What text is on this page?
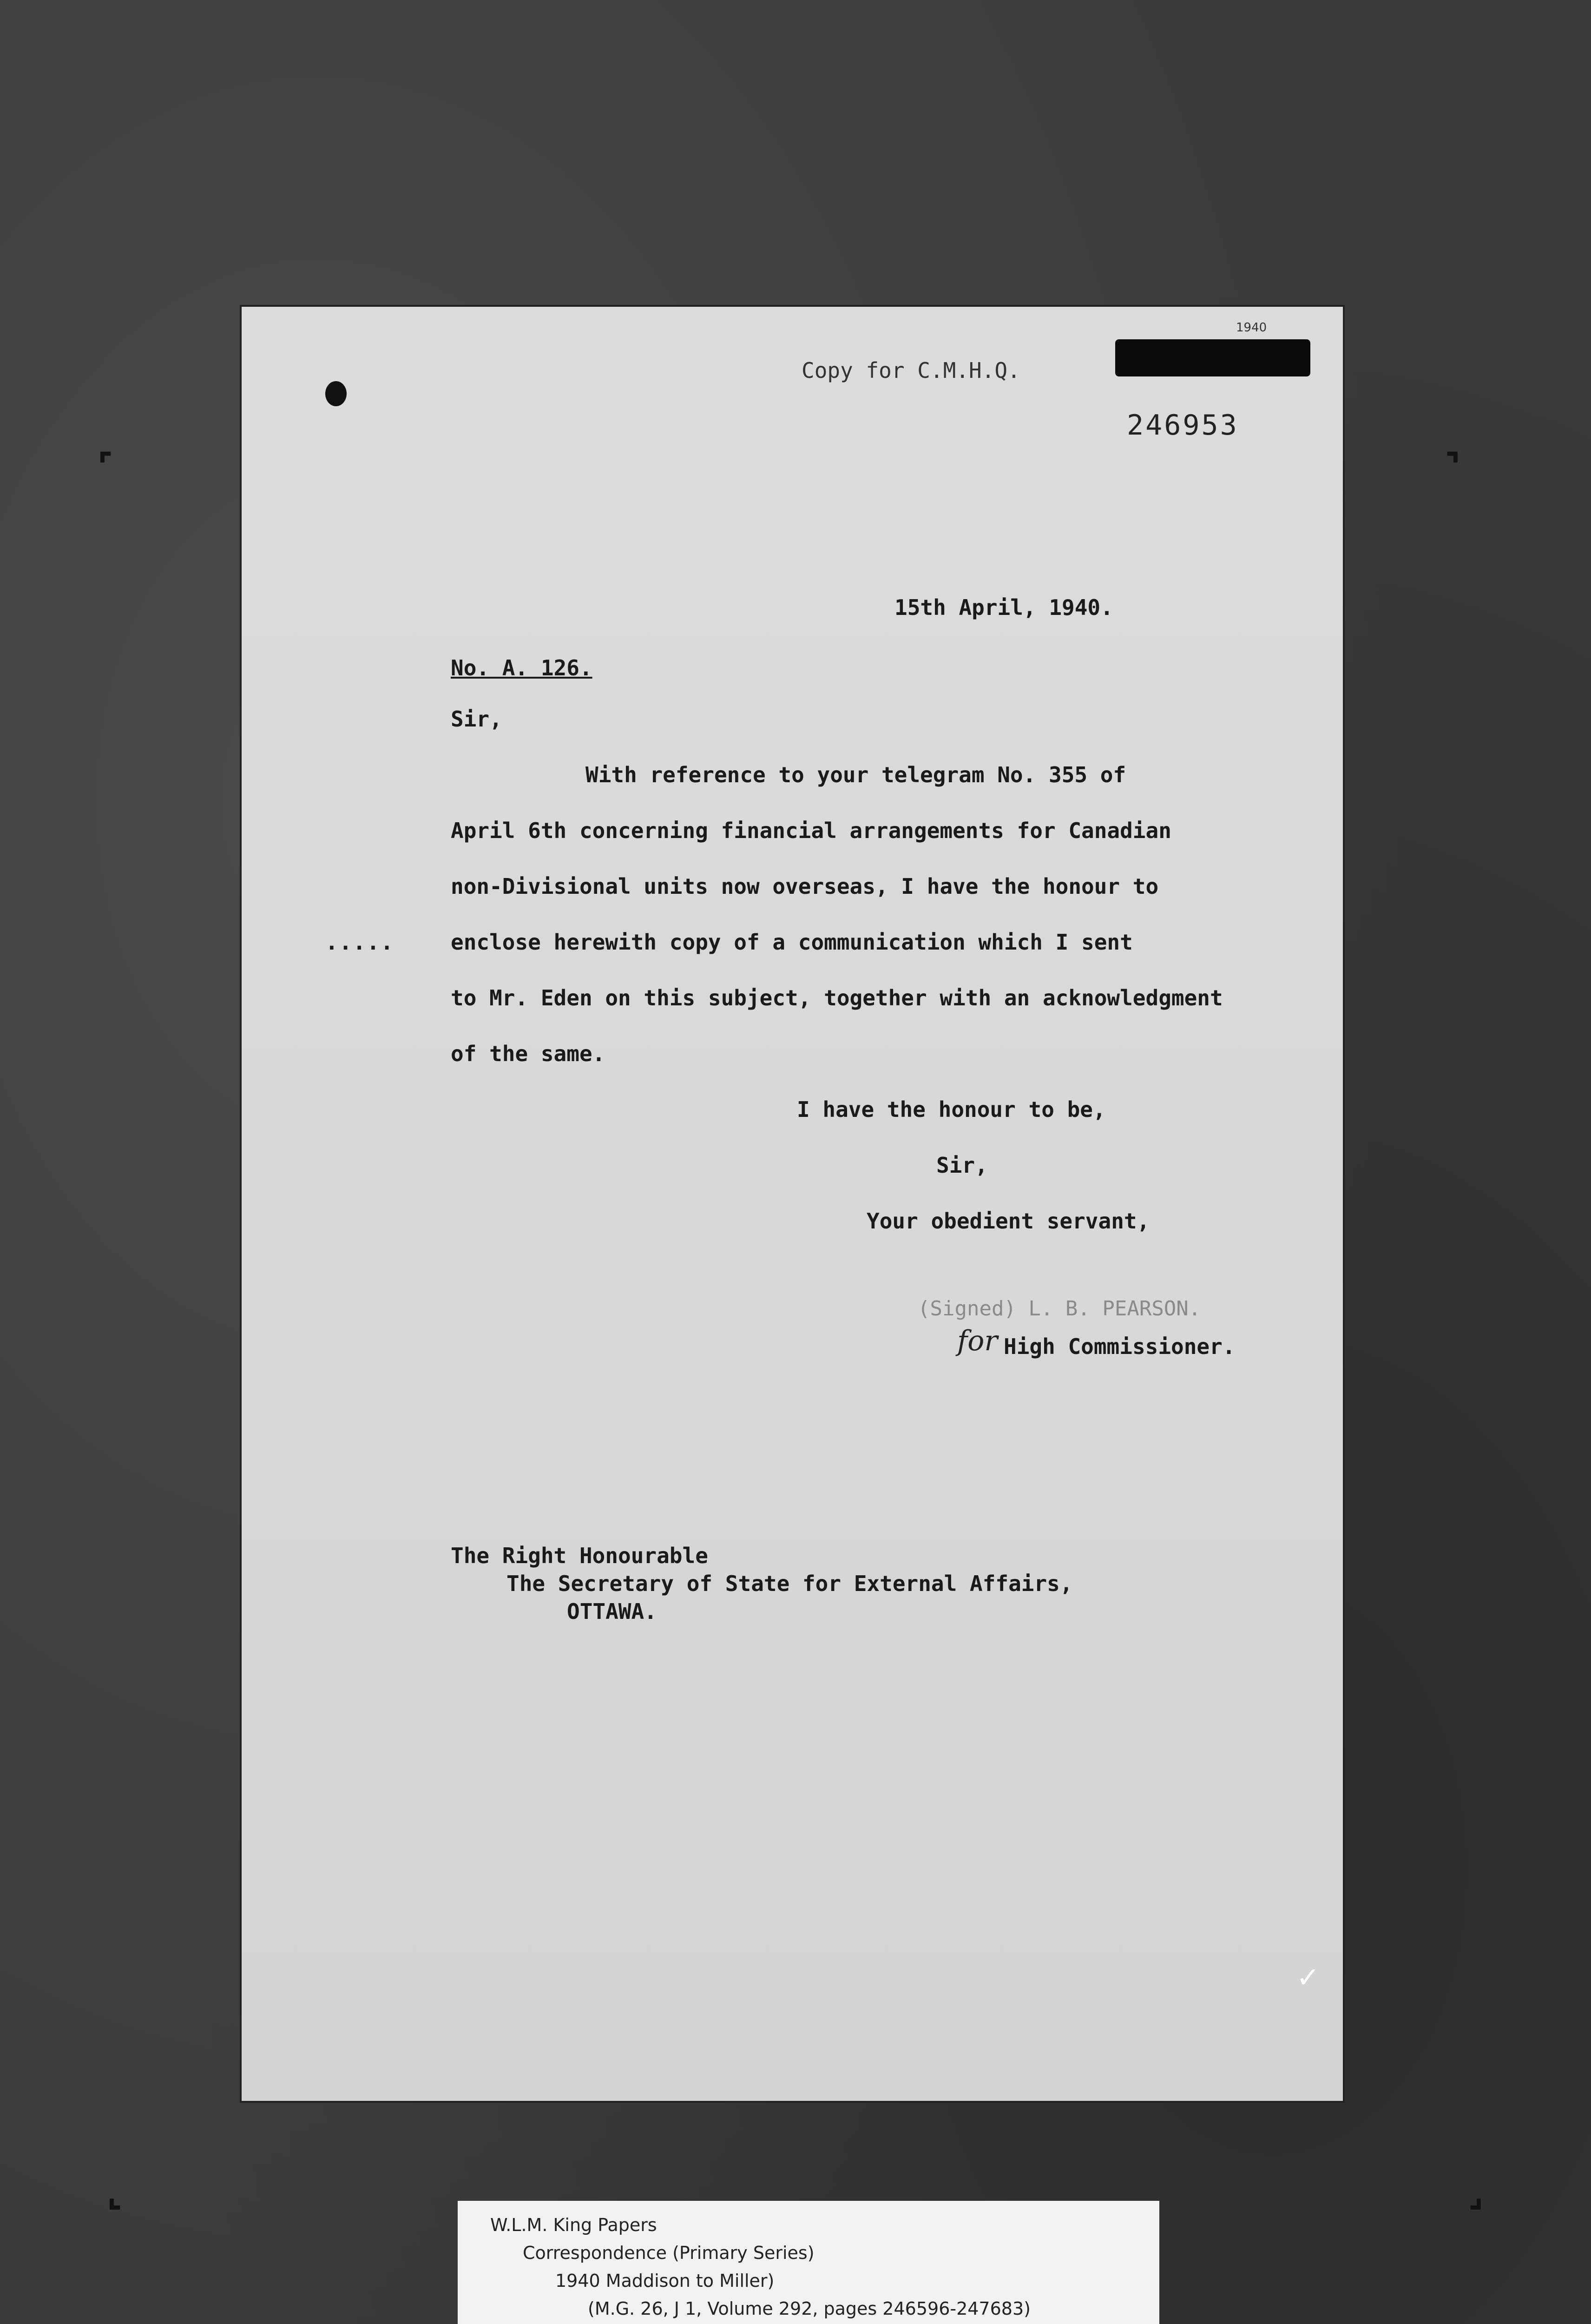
⌜	⌝
⌞	⌟
Copy for C.M.H.Q.
1940
246953
15th April, 1940.
No. A. 126.
Sir,
With reference to your telegram No. 355 of
April 6th concerning financial arrangements for Canadian
non-Divisional units now overseas, I have the honour to
enclose herewith copy of a communication which I sent
to Mr. Eden on this subject, together with an acknowledgment
of the same.
.....
I have the honour to be,
Sir,
Your obedient servant,
(Signed) L. B. PEARSON.
for High Commissioner.
The Right Honourable
The Secretary of State for External Affairs,
OTTAWA.
✓
W.L.M. King Papers
Correspondence (Primary Series)
1940 Maddison to Miller)
(M.G. 26, J 1, Volume 292, pages 246596-247683)
